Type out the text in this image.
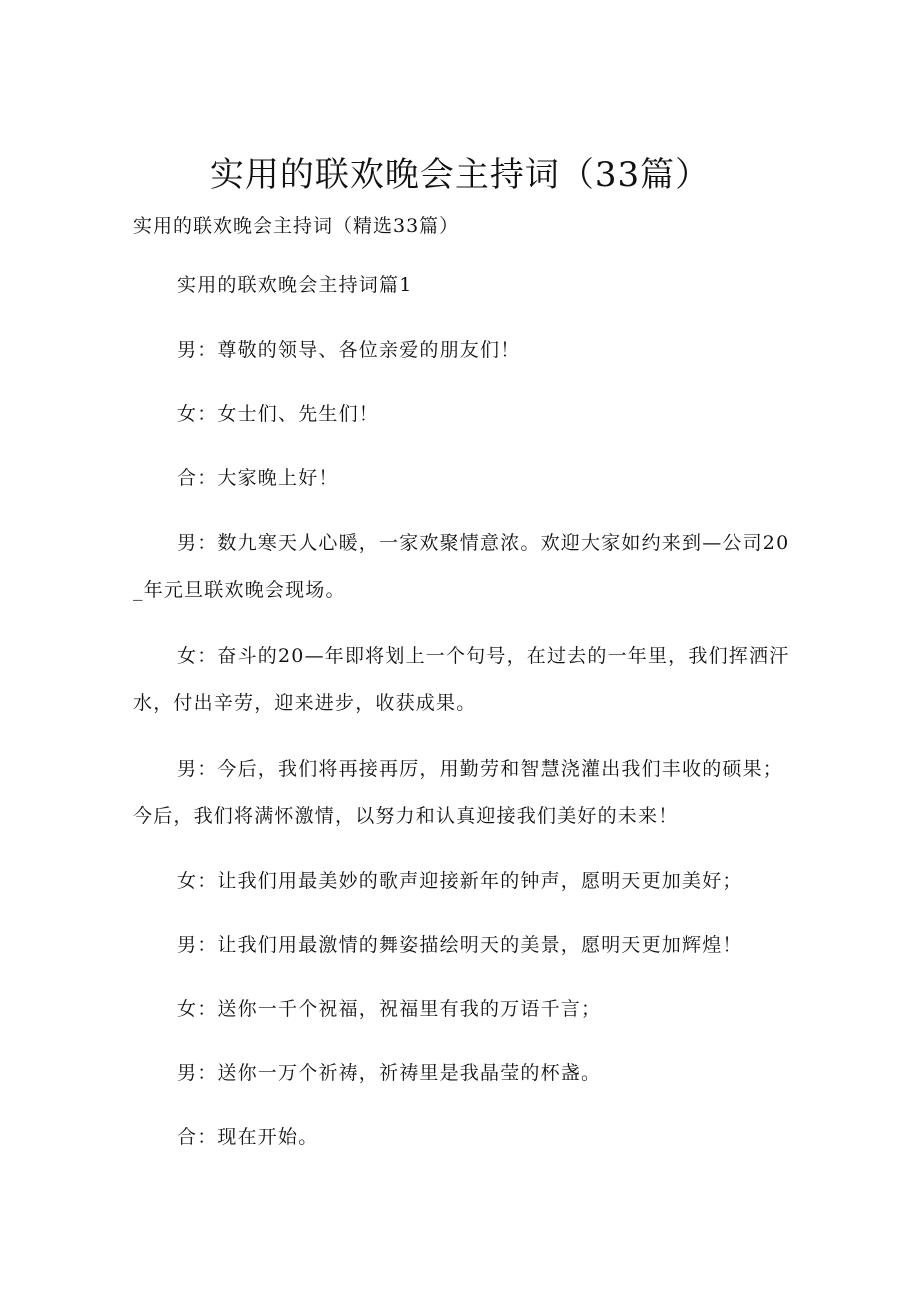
实用的联欢晚会主持词（33篇）
实用的联欢晚会主持词（精选33篇）
实用的联欢晚会主持词篇1
男：尊敬的领导、各位亲爱的朋友们！
女：女士们、先生们！
合：大家晚上好！
男：数九寒天人心暖，一家欢聚情意浓。欢迎大家如约来到—公司20_年元旦联欢晚会现场。
女：奋斗的20—年即将划上一个句号，在过去的一年里，我们挥洒汗水，付出辛劳，迎来进步，收获成果。
男：今后，我们将再接再厉，用勤劳和智慧浇灌出我们丰收的硕果；今后，我们将满怀激情，以努力和认真迎接我们美好的未来！
女：让我们用最美妙的歌声迎接新年的钟声，愿明天更加美好；
男：让我们用最激情的舞姿描绘明天的美景，愿明天更加辉煌！
女：送你一千个祝福，祝福里有我的万语千言；
男：送你一万个祈祷，祈祷里是我晶莹的杯盏。
合：现在开始。
